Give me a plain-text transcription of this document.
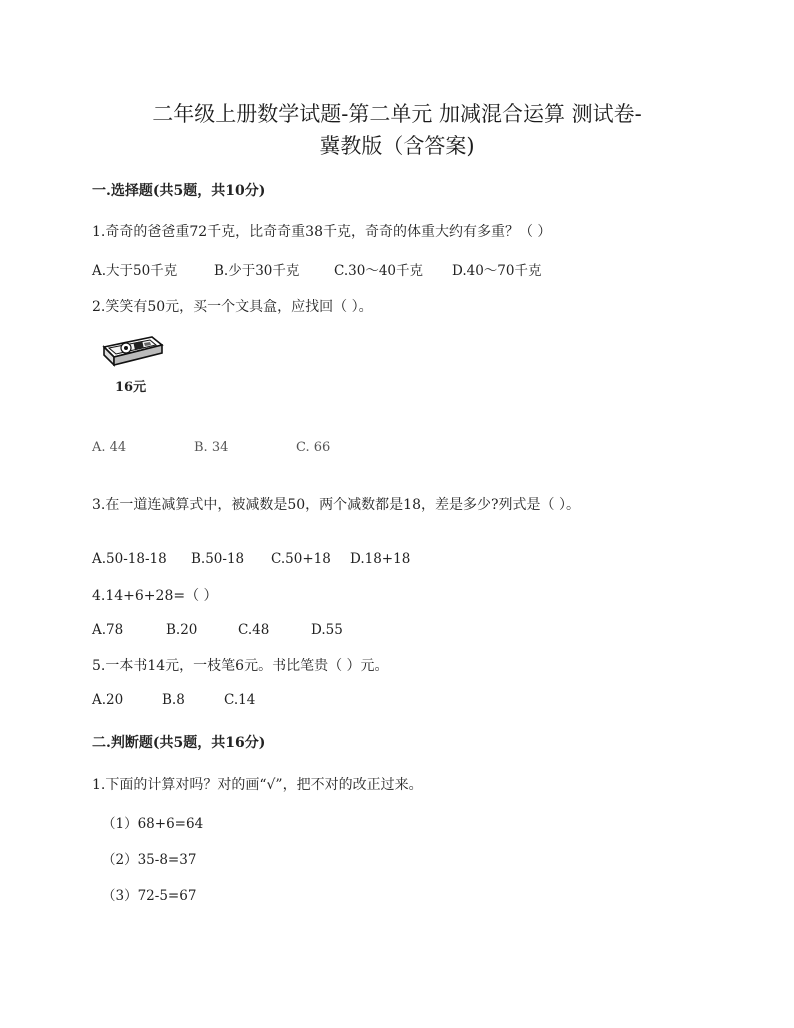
二年级上册数学试题-第二单元 加减混合运算 测试卷-
冀教版（含答案)
一.选择题(共5题，共10分)
1.奇奇的爸爸重72千克，比奇奇重38千克，奇奇的体重大约有多重？（ ）
A.大于50千克	B.少于30千克	C.30～40千克 D.40～70千克
2.笑笑有50元，买一个文具盒，应找回（ ）。
16元
A. 44	B. 34	C. 66
3.在一道连减算式中，被减数是50，两个减数都是18，差是多少?列式是（ ）。
A.50-18-18 B.50-18 C.50+18 D.18+18
4.14+6+28=（ ）
A.78	B.20	C.48	D.55
5.一本书14元，一枝笔6元。书比笔贵（ ）元。
A.20	B.8	C.14
二.判断题(共5题，共16分)
1.下面的计算对吗？对的画“√”，把不对的改正过来。
（1）68+6=64
（2）35-8=37
（3）72-5=67
